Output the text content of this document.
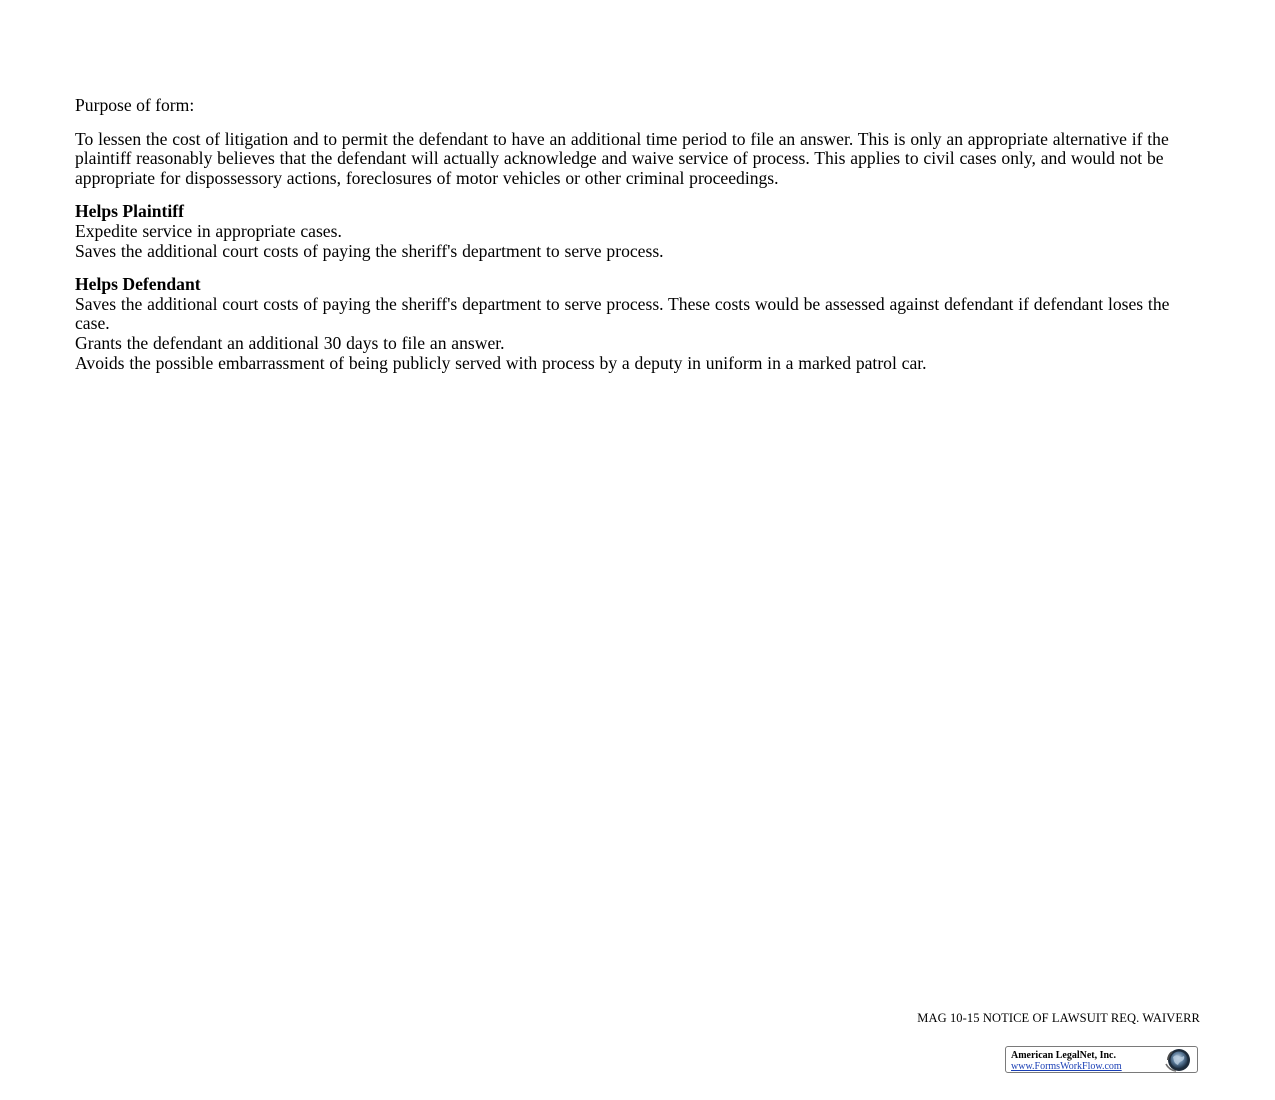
Purpose of form:

To lessen the cost of litigation and to permit the defendant to have an additional time period to file an answer. This is only an appropriate alternative if the plaintiff reasonably believes that the defendant will actually acknowledge and waive service of process. This applies to civil cases only, and would not be appropriate for dispossessory actions, foreclosures of motor vehicles or other criminal proceedings.

Helps Plaintiff

Expedite service in appropriate cases.

Saves the additional court costs of paying the sheriff's department to serve process.

Helps Defendant

Saves the additional court costs of paying the sheriff's department to serve process. These costs would be assessed against defendant if defendant loses the case.

Grants the defendant an additional 30 days to file an answer.

Avoids the possible embarrassment of being publicly served with process by a deputy in uniform in a marked patrol car.

MAG 10-15 NOTICE OF LAWSUIT REQ. WAIVERR
American LegalNet, Inc.
www.FormsWorkFlow.com
